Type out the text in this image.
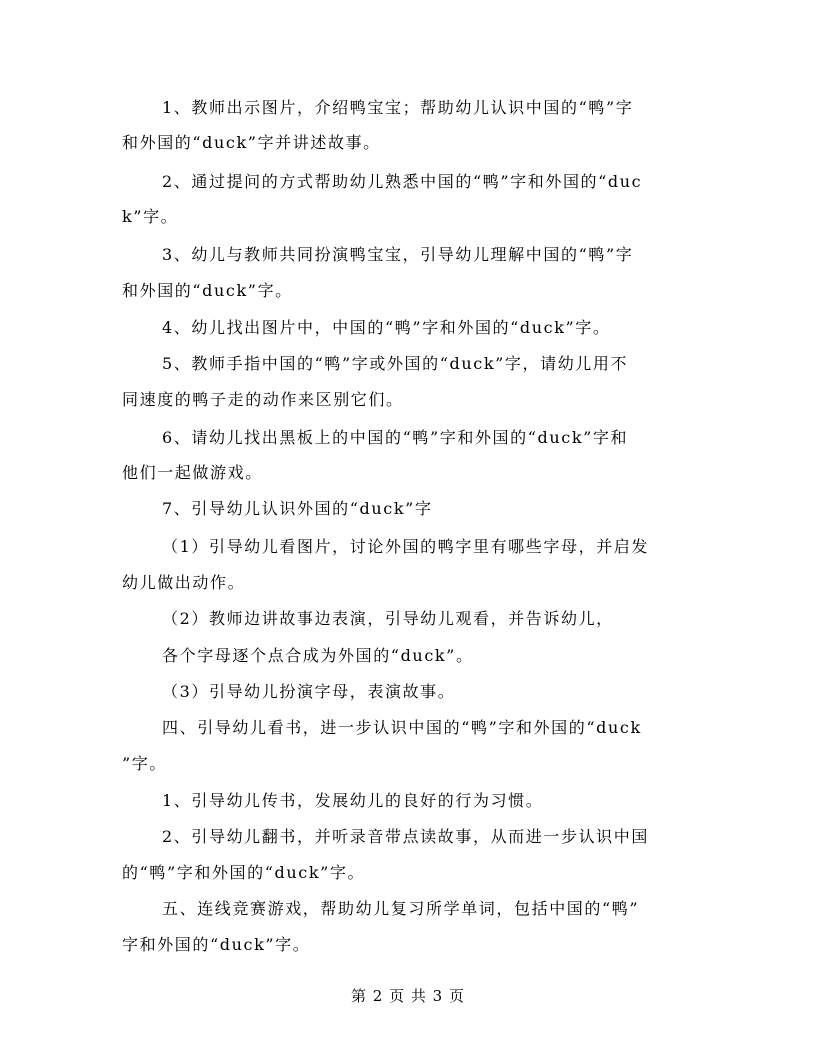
1、教师出示图片，介绍鸭宝宝；帮助幼儿认识中国的“鸭”字
和外国的“duck”字并讲述故事。
2、通过提问的方式帮助幼儿熟悉中国的“鸭”字和外国的“duc
k”字。
3、幼儿与教师共同扮演鸭宝宝，引导幼儿理解中国的“鸭”字
和外国的“duck”字。
4、幼儿找出图片中，中国的“鸭”字和外国的“duck”字。
5、教师手指中国的“鸭”字或外国的“duck”字，请幼儿用不
同速度的鸭子走的动作来区别它们。
6、请幼儿找出黑板上的中国的“鸭”字和外国的“duck”字和
他们一起做游戏。
7、引导幼儿认识外国的“duck”字
（1）引导幼儿看图片，讨论外国的鸭字里有哪些字母，并启发
幼儿做出动作。
（2）教师边讲故事边表演，引导幼儿观看，并告诉幼儿，
各个字母逐个点合成为外国的“duck”。
（3）引导幼儿扮演字母，表演故事。
四、引导幼儿看书，进一步认识中国的“鸭”字和外国的“duck
”字。
1、引导幼儿传书，发展幼儿的良好的行为习惯。
2、引导幼儿翻书，并听录音带点读故事，从而进一步认识中国
的“鸭”字和外国的“duck”字。
五、连线竞赛游戏，帮助幼儿复习所学单词，包括中国的“鸭”
字和外国的“duck”字。
第 2 页 共 3 页
